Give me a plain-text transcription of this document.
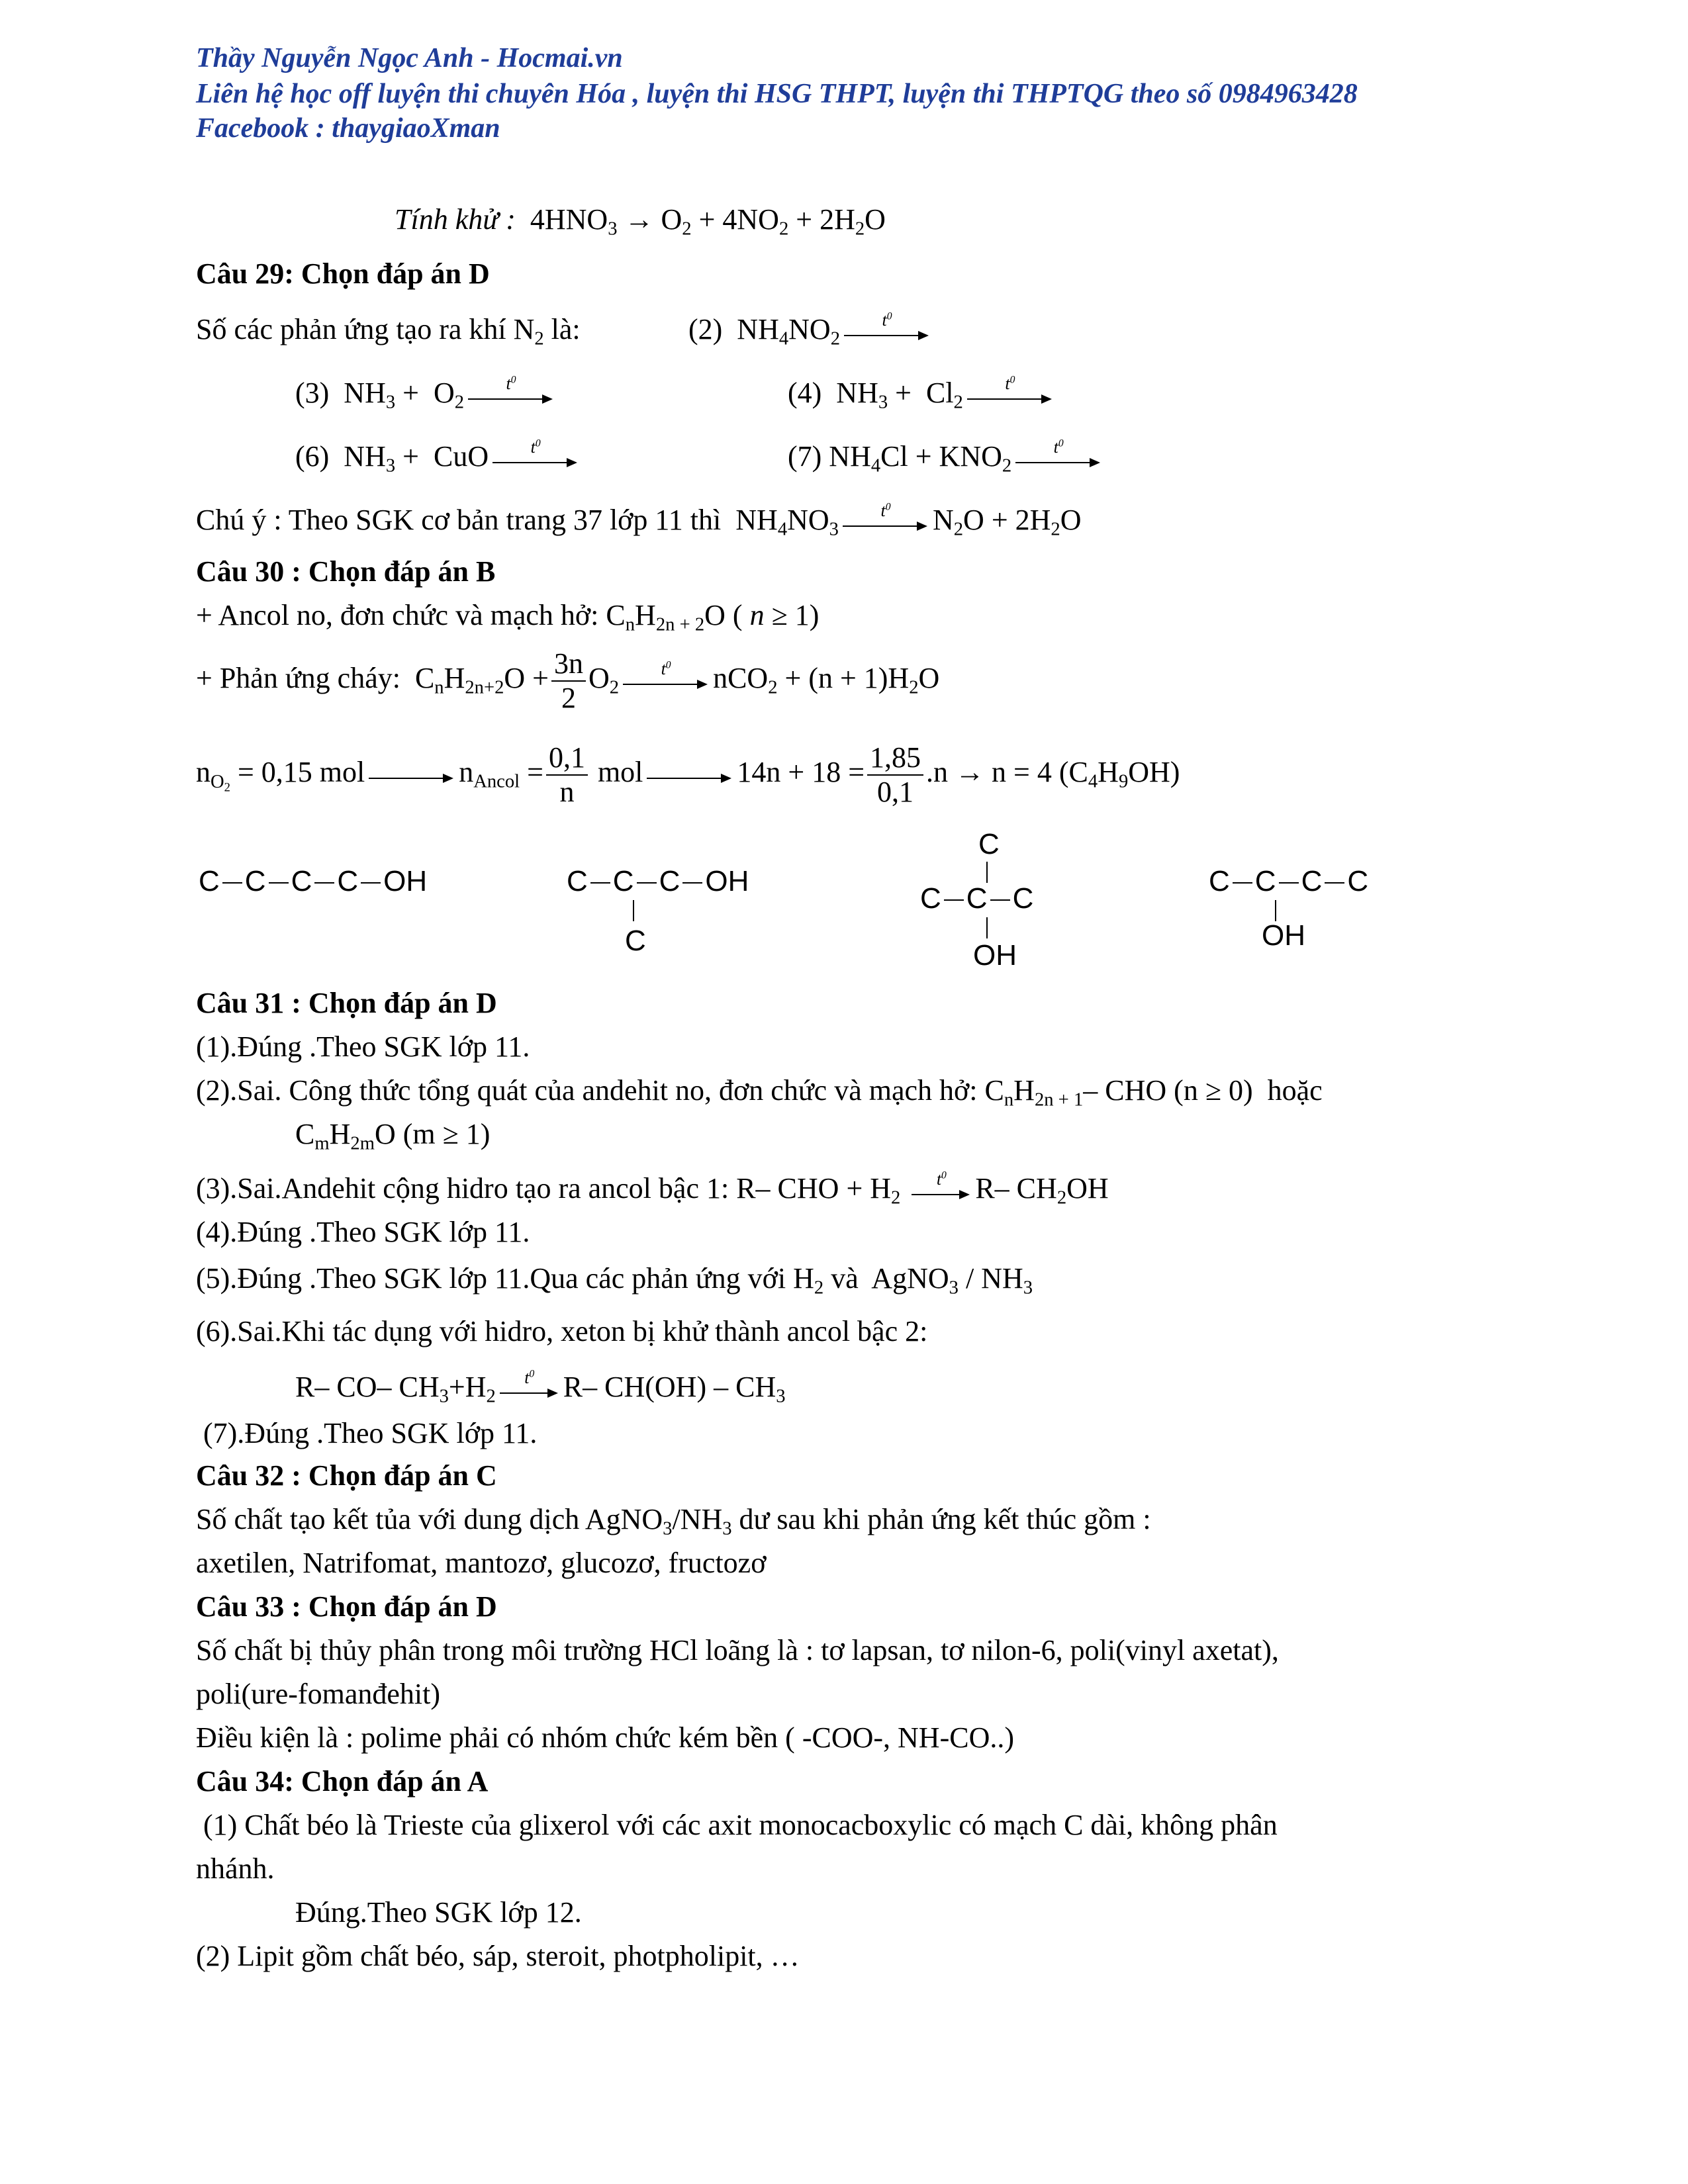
Thầy Nguyễn Ngọc Anh - Hocmai.vn
Liên hệ học off luyện thi chuyên Hóa , luyện thi HSG THPT, luyện thi THPTQG theo số 0984963428
Facebook : thaygiaoXman
Tính khử :  $4HNO_3 \to O_2 + 4NO_2 + 2H_2O$
Câu 29: Chọn đáp án D
Số các phản ứng tạo ra khí $N_2$ là:	(2)  $NH_4NO_2$
$t^0$
(3)  $NH_3 + O_2$
$t^0$	(4)  $NH_3 + Cl_2$
$t^0$
(6)  $NH_3$ +  CuO	$t^0$	(7) $NH_4Cl + KNO_2$
$t^0$
Chú ý : Theo SGK cơ bản trang 37 lớp 11 thì  $NH_4NO_3$
$t^0$	$N_2O + 2H_2O$
Câu 30 : Chọn đáp án B
+ Ancol no, đơn chức và mạch hở: $C_nH_{2n + 2}O$ ( n ≥ 1)
+ Phản ứng cháy:  $C_nH_{2n+2}O + \frac{3n}{2} O_2$
$t^0$	$nCO_2 + (n + 1)H_2O$
$n_{O_2} = 0,15$ mol	$n_{Ancol} = \frac{0,1}{n}$ mol	$14n + 18 = \frac{1,85}{0,1} .n \to n = 4$ $(C_4H_9OH)$
C C C C OH	C C C OH
C
C
C C C
OH
C C C C
OH
Câu 31 : Chọn đáp án D
(1).Đúng .Theo SGK lớp 11.
(2).Sai. Công thức tổng quát của andehit no, đơn chức và mạch hở: $C_nH_{2n + 1}-$ CHO (n ≥ 0)  hoặc
$C_mH_{2m}O$ (m ≥ 1)
(3).Sai.Andehit cộng hidro tạo ra ancol bậc 1: R– CHO + $H_2$
$t^0$ R– $CH_2OH$
(4).Đúng .Theo SGK lớp 11.
(5).Đúng .Theo SGK lớp 11.Qua các phản ứng với $H_2$ và  AgNO$_3$ / $NH_3$
(6).Sai.Khi tác dụng với hidro, xeton bị khử thành ancol bậc 2:
R– CO– $CH_3+H_2$
$t^0$ R– $CH(OH) - CH_3$
(7).Đúng .Theo SGK lớp 11.
Câu 32 : Chọn đáp án C
Số chất tạo kết tủa với dung dịch $AgNO_3/NH_3$ dư sau khi phản ứng kết thúc gồm :
axetilen, Natrifomat, mantozơ, glucozơ, fructozơ
Câu 33 : Chọn đáp án D
Số chất bị thủy phân trong môi trường HCl loãng là : tơ lapsan, tơ nilon-6, poli(vinyl axetat),
poli(ure-fomanđehit)
Điều kiện là : polime phải có nhóm chức kém bền ( -COO-, NH-CO..)
Câu 34: Chọn đáp án A
(1) Chất béo là Trieste của glixerol với các axit monocacboxylic có mạch C dài, không phân
nhánh.
Đúng.Theo SGK lớp 12.
(2) Lipit gồm chất béo, sáp, steroit, photpholipit, …
